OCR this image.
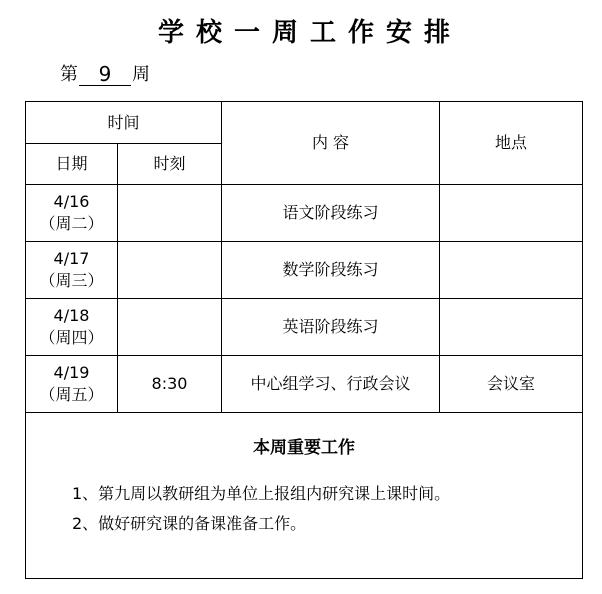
学校一周工作安排
第	9	周
时间		内 容	地点
日期	时刻		

4/16
（周二）		语文阶段练习	

4/17
（周三）		数学阶段练习	

4/18
（周四）		英语阶段练习	

4/19
（周五）	8:30	中心组学习、行政会议	会议室

本周重要工作
1、第九周以教研组为单位上报组内研究课上课时间。
2、做好研究课的备课准备工作。			
